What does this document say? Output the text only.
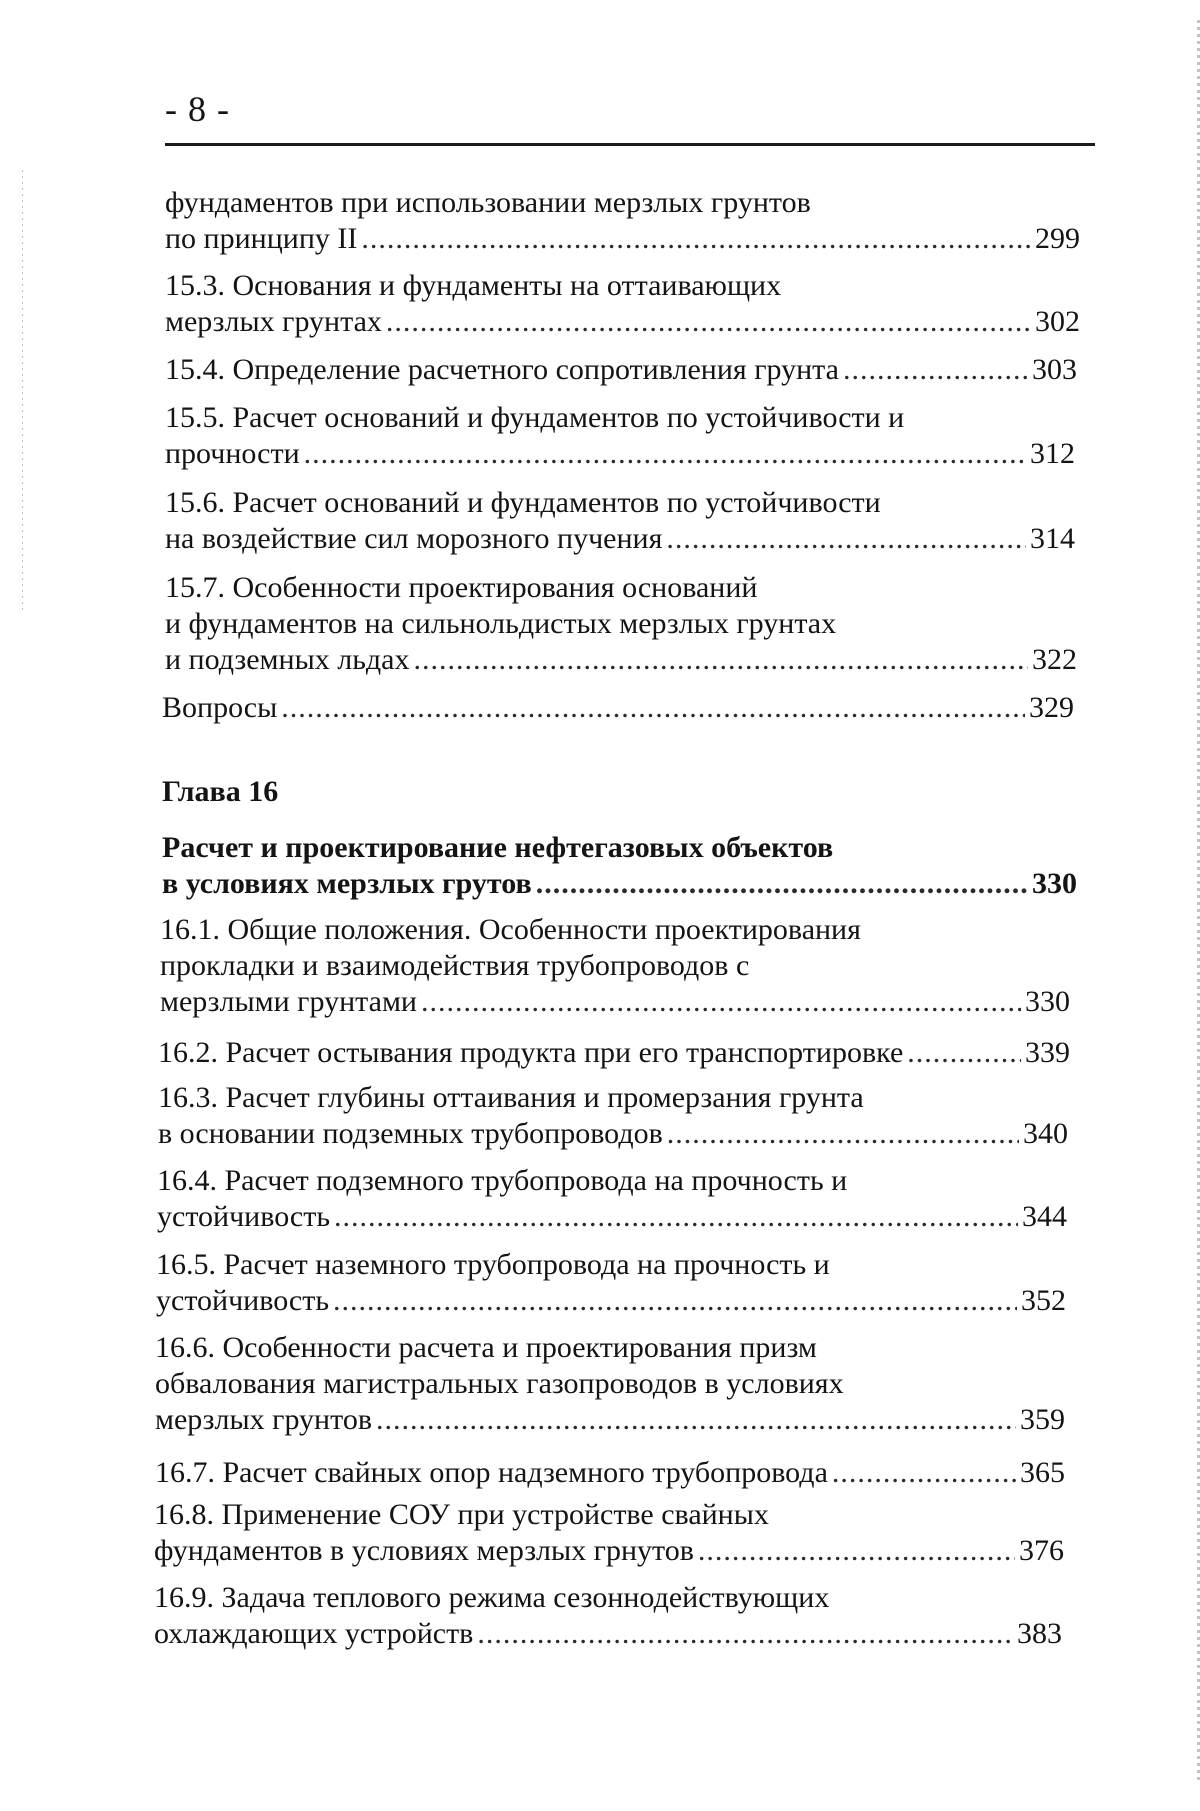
- 8 -
фундаментов при использовании мерзлых грунтов
по принципу II .....	299
15.3. Основания и фундаменты на оттаивающих
мерзлых грунтах .....	302
15.4. Определение расчетного сопротивления грунта .....	303
15.5. Расчет оснований и фундаментов по устойчивости и
прочности .....	312
15.6. Расчет оснований и фундаментов по устойчивости
на воздействие сил морозного пучения .....	314
15.7. Особенности проектирования оснований
и фундаментов на сильнольдистых мерзлых грунтах
и подземных льдах .....	322
Вопросы .....	329
Глава 16
Расчет и проектирование нефтегазовых объектов
в условиях мерзлых грутов .....	330
16.1. Общие положения. Особенности проектирования
прокладки и взаимодействия трубопроводов с
мерзлыми грунтами .....	330
16.2. Расчет остывания продукта при его транспортировке .....	339
16.3. Расчет глубины оттаивания и промерзания грунта
в основании подземных трубопроводов .....	340
16.4. Расчет подземного трубопровода на прочность и
устойчивость .....	344
16.5. Расчет наземного трубопровода на прочность и
устойчивость .....	352
16.6. Особенности расчета и проектирования призм
обвалования магистральных газопроводов в условиях
мерзлых грунтов .....	359
16.7. Расчет свайных опор надземного трубопровода .....	365
16.8. Применение СОУ при устройстве свайных
фундаментов в условиях мерзлых грнутов .....	376
16.9. Задача теплового режима сезоннодействующих
охлаждающих устройств .....	383
